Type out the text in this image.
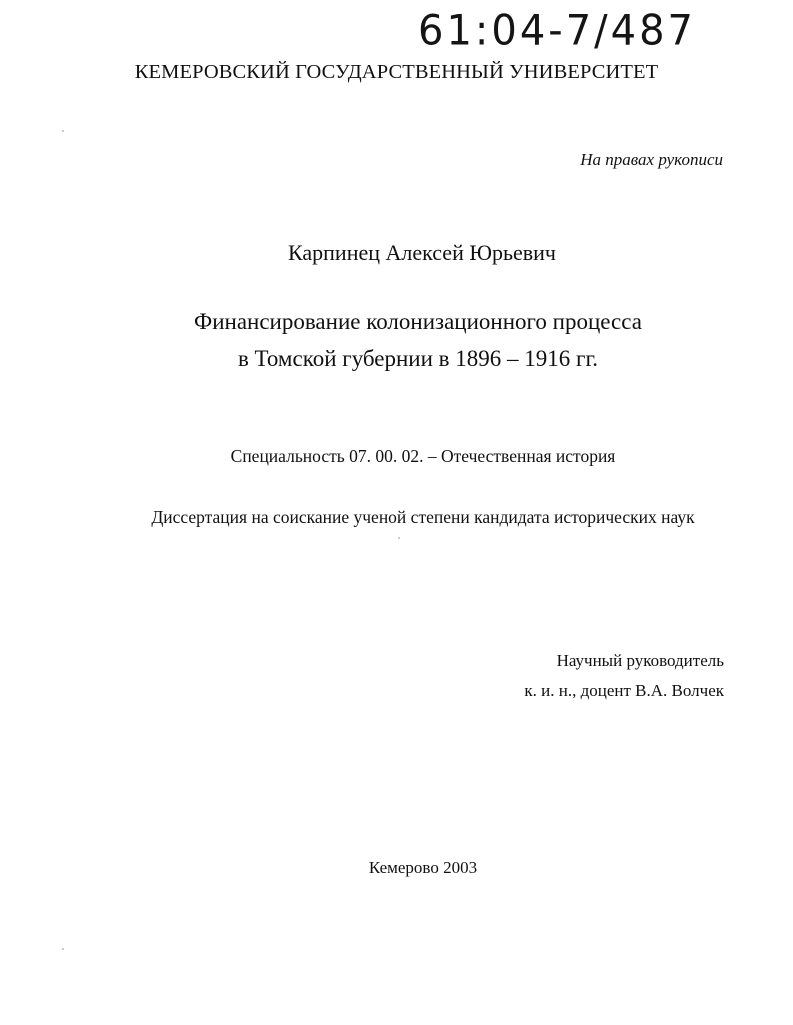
61:04-7/487
КЕМЕРОВСКИЙ ГОСУДАРСТВЕННЫЙ УНИВЕРСИТЕТ
На правах рукописи
Карпинец Алексей Юрьевич
Финансирование колонизационного процесса
в Томской губернии в 1896 – 1916 гг.
Специальность 07. 00. 02. – Отечественная история
Диссертация на соискание ученой степени кандидата исторических наук
Научный руководитель
к. и. н., доцент В.А. Волчек
Кемерово 2003
